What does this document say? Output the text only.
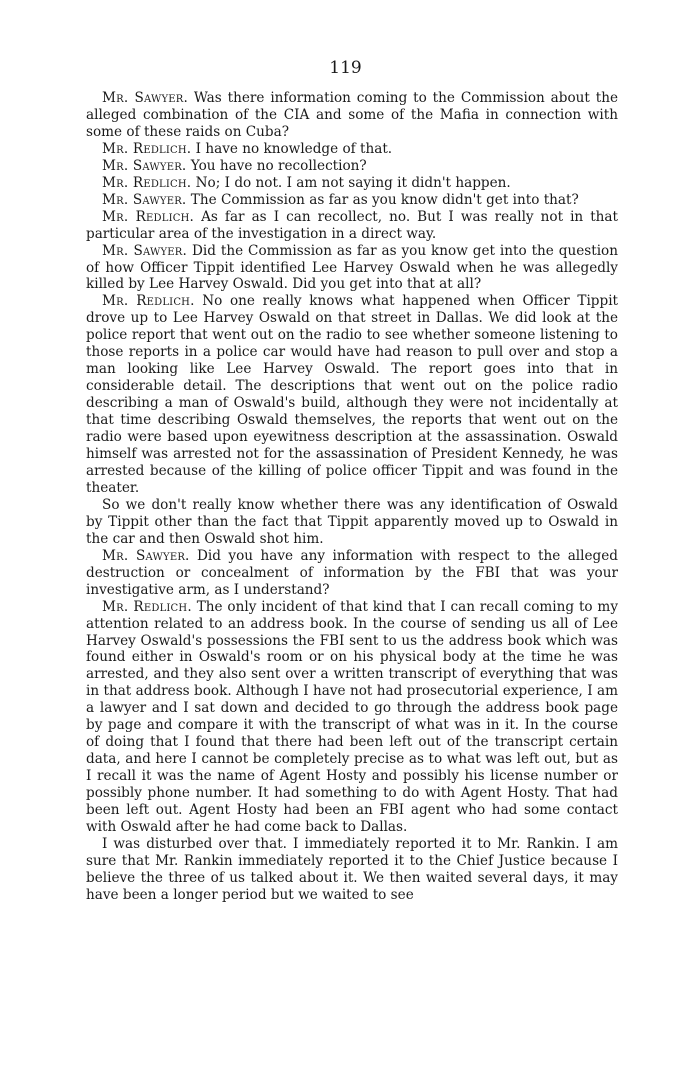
119

Mr. Sawyer. Was there information coming to the Commission about the alleged combination of the CIA and some of the Mafia in connection with some of these raids on Cuba?

Mr. Redlich. I have no knowledge of that.

Mr. Sawyer. You have no recollection?

Mr. Redlich. No; I do not. I am not saying it didn't happen.

Mr. Sawyer. The Commission as far as you know didn't get into that?

Mr. Redlich. As far as I can recollect, no. But I was really not in that particular area of the investigation in a direct way.

Mr. Sawyer. Did the Commission as far as you know get into the question of how Officer Tippit identified Lee Harvey Oswald when he was allegedly killed by Lee Harvey Oswald. Did you get into that at all?

Mr. Redlich. No one really knows what happened when Officer Tippit drove up to Lee Harvey Oswald on that street in Dallas. We did look at the police report that went out on the radio to see whether someone listening to those reports in a police car would have had reason to pull over and stop a man looking like Lee Harvey Oswald. The report goes into that in considerable detail. The descriptions that went out on the police radio describing a man of Oswald's build, although they were not incidentally at that time describing Oswald themselves, the reports that went out on the radio were based upon eyewitness description at the assassination. Oswald himself was arrested not for the assassination of President Kennedy, he was arrested because of the killing of police officer Tippit and was found in the theater.

So we don't really know whether there was any identification of Oswald by Tippit other than the fact that Tippit apparently moved up to Oswald in the car and then Oswald shot him.

Mr. Sawyer. Did you have any information with respect to the alleged destruction or concealment of information by the FBI that was your investigative arm, as I understand?

Mr. Redlich. The only incident of that kind that I can recall coming to my attention related to an address book. In the course of sending us all of Lee Harvey Oswald's possessions the FBI sent to us the address book which was found either in Oswald's room or on his physical body at the time he was arrested, and they also sent over a written transcript of everything that was in that address book. Although I have not had prosecutorial experience, I am a lawyer and I sat down and decided to go through the address book page by page and compare it with the transcript of what was in it. In the course of doing that I found that there had been left out of the transcript certain data, and here I cannot be completely precise as to what was left out, but as I recall it was the name of Agent Hosty and possibly his license number or possibly phone number. It had something to do with Agent Hosty. That had been left out. Agent Hosty had been an FBI agent who had some contact with Oswald after he had come back to Dallas.

I was disturbed over that. I immediately reported it to Mr. Rankin. I am sure that Mr. Rankin immediately reported it to the Chief Justice because I believe the three of us talked about it. We then waited several days, it may have been a longer period but we waited to see
